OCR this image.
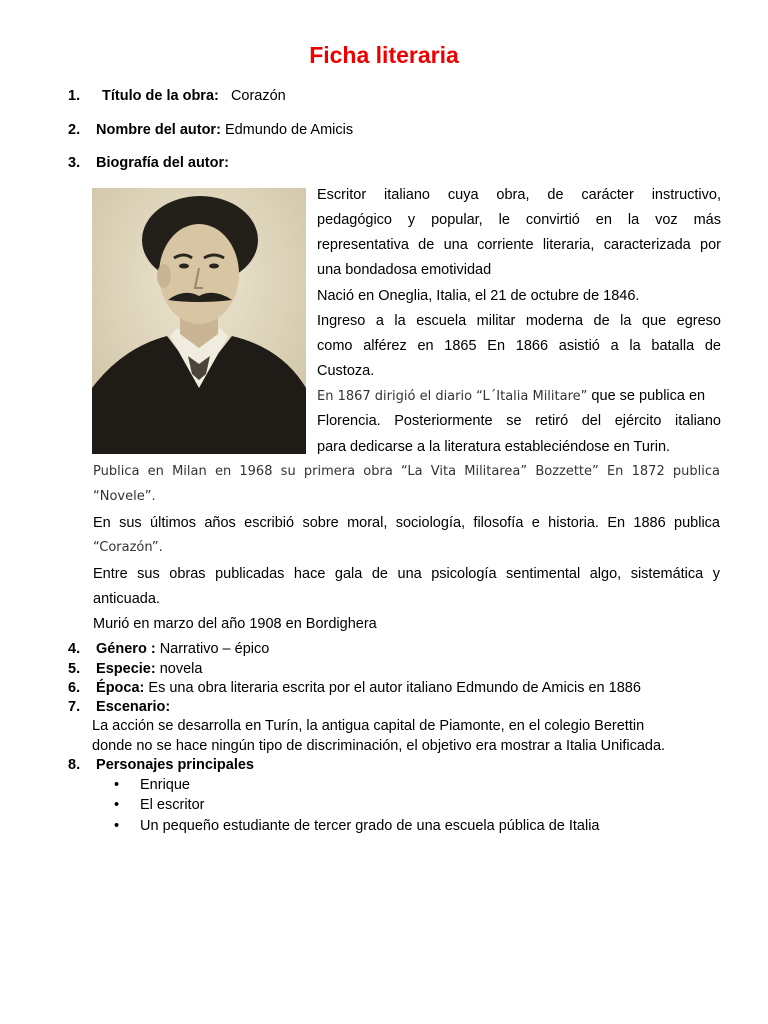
Ficha literaria
1. Título de la obra: Corazón
2. Nombre del autor: Edmundo de Amicis
3. Biografía del autor:
Escritor italiano cuya obra, de carácter instructivo,
pedagógico y popular, le convirtió en la voz más
representativa de una corriente literaria, caracterizada por
una bondadosa emotividad
Nació en Oneglia, Italia, el 21 de octubre de 1846.
Ingreso a la escuela militar moderna de la que egreso
como alférez en 1865 En 1866 asistió a la batalla de
Custoza.
En 1867 dirigió el diario “L´Italia Militare” que se publica en
Florencia. Posteriormente se retiró del ejército italiano
para dedicarse a la literatura estableciéndose en Turin.
Publica en Milan en 1968 su primera obra “La Vita Militarea” Bozzette” En 1872 publica
“Novele”.
En sus últimos años escribió sobre moral, sociología, filosofía e historia. En 1886 publica
“Corazón”.
Entre sus obras publicadas hace gala de una psicología sentimental algo, sistemática y
anticuada.
Murió en marzo del año 1908 en Bordighera
4. Género : Narrativo – épico
5. Especie: novela
6. Época: Es una obra literaria escrita por el autor italiano Edmundo de Amicis en 1886
7. Escenario:
La acción se desarrolla en Turín, la antigua capital de Piamonte, en el colegio Berettin
donde no se hace ningún tipo de discriminación, el objetivo era mostrar a Italia Unificada.
8. Personajes principales
• Enrique
• El escritor
• Un pequeño estudiante de tercer grado de una escuela pública de Italia
